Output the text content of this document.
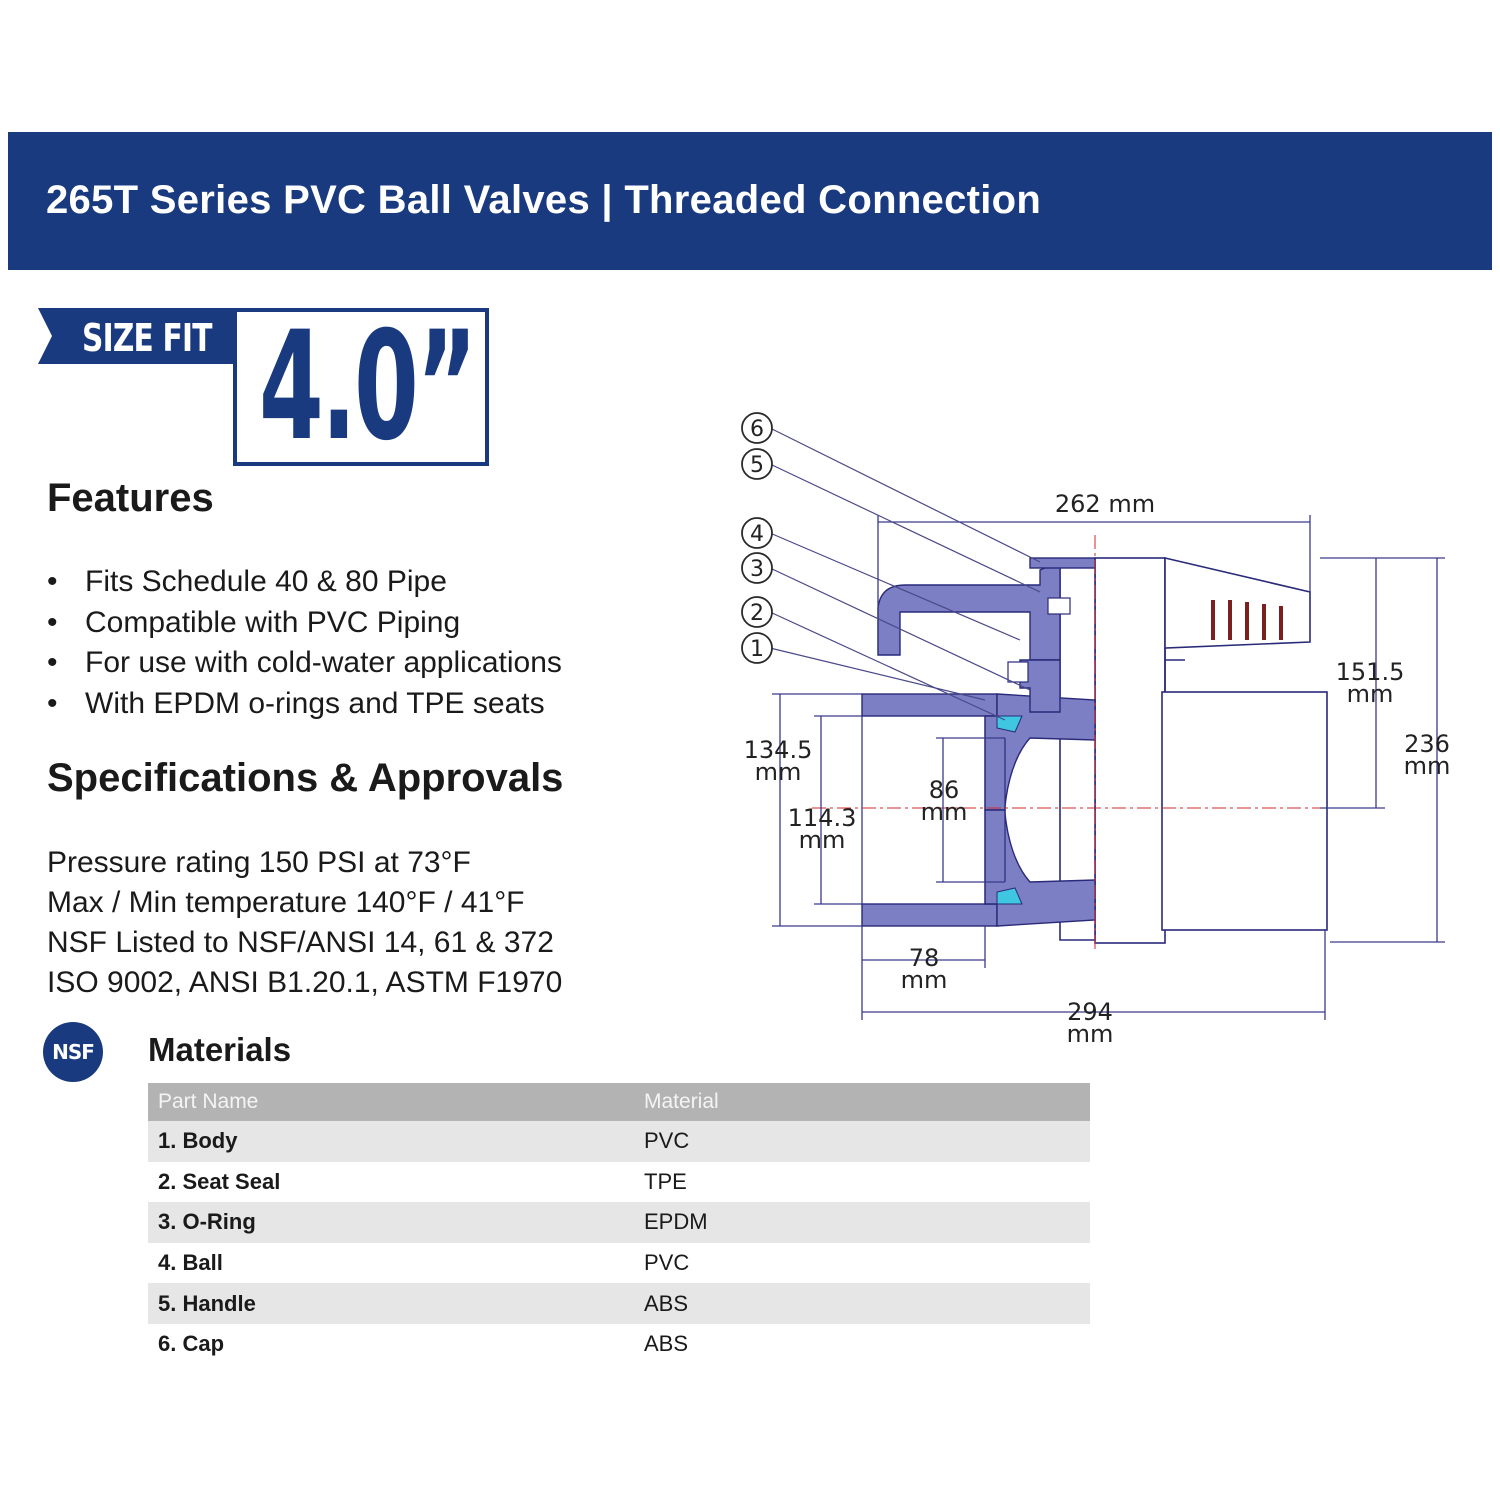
265T Series PVC Ball Valves | Threaded Connection
SIZE FIT 4.0”
Features
• Fits Schedule 40 & 80 Pipe
• Compatible with PVC Piping
• For use with cold-water applications
• With EPDM o-rings and TPE seats
Specifications & Approvals
Pressure rating 150 PSI at 73°F
Max / Min temperature 140°F / 41°F
NSF Listed to NSF/ANSI 14, 61 & 372
ISO 9002, ANSI B1.20.1, ASTM F1970
NSF Materials
Part Name	Material
1. Body	PVC
2. Seat Seal	TPE
3. O-Ring	EPDM
4. Ball	PVC
5. Handle	ABS
6. Cap	ABS
6
5
4
3
2
1
262 mm
151.5
mm
236
mm
134.5
mm
114.3
mm
86
mm
78
mm
294
mm
